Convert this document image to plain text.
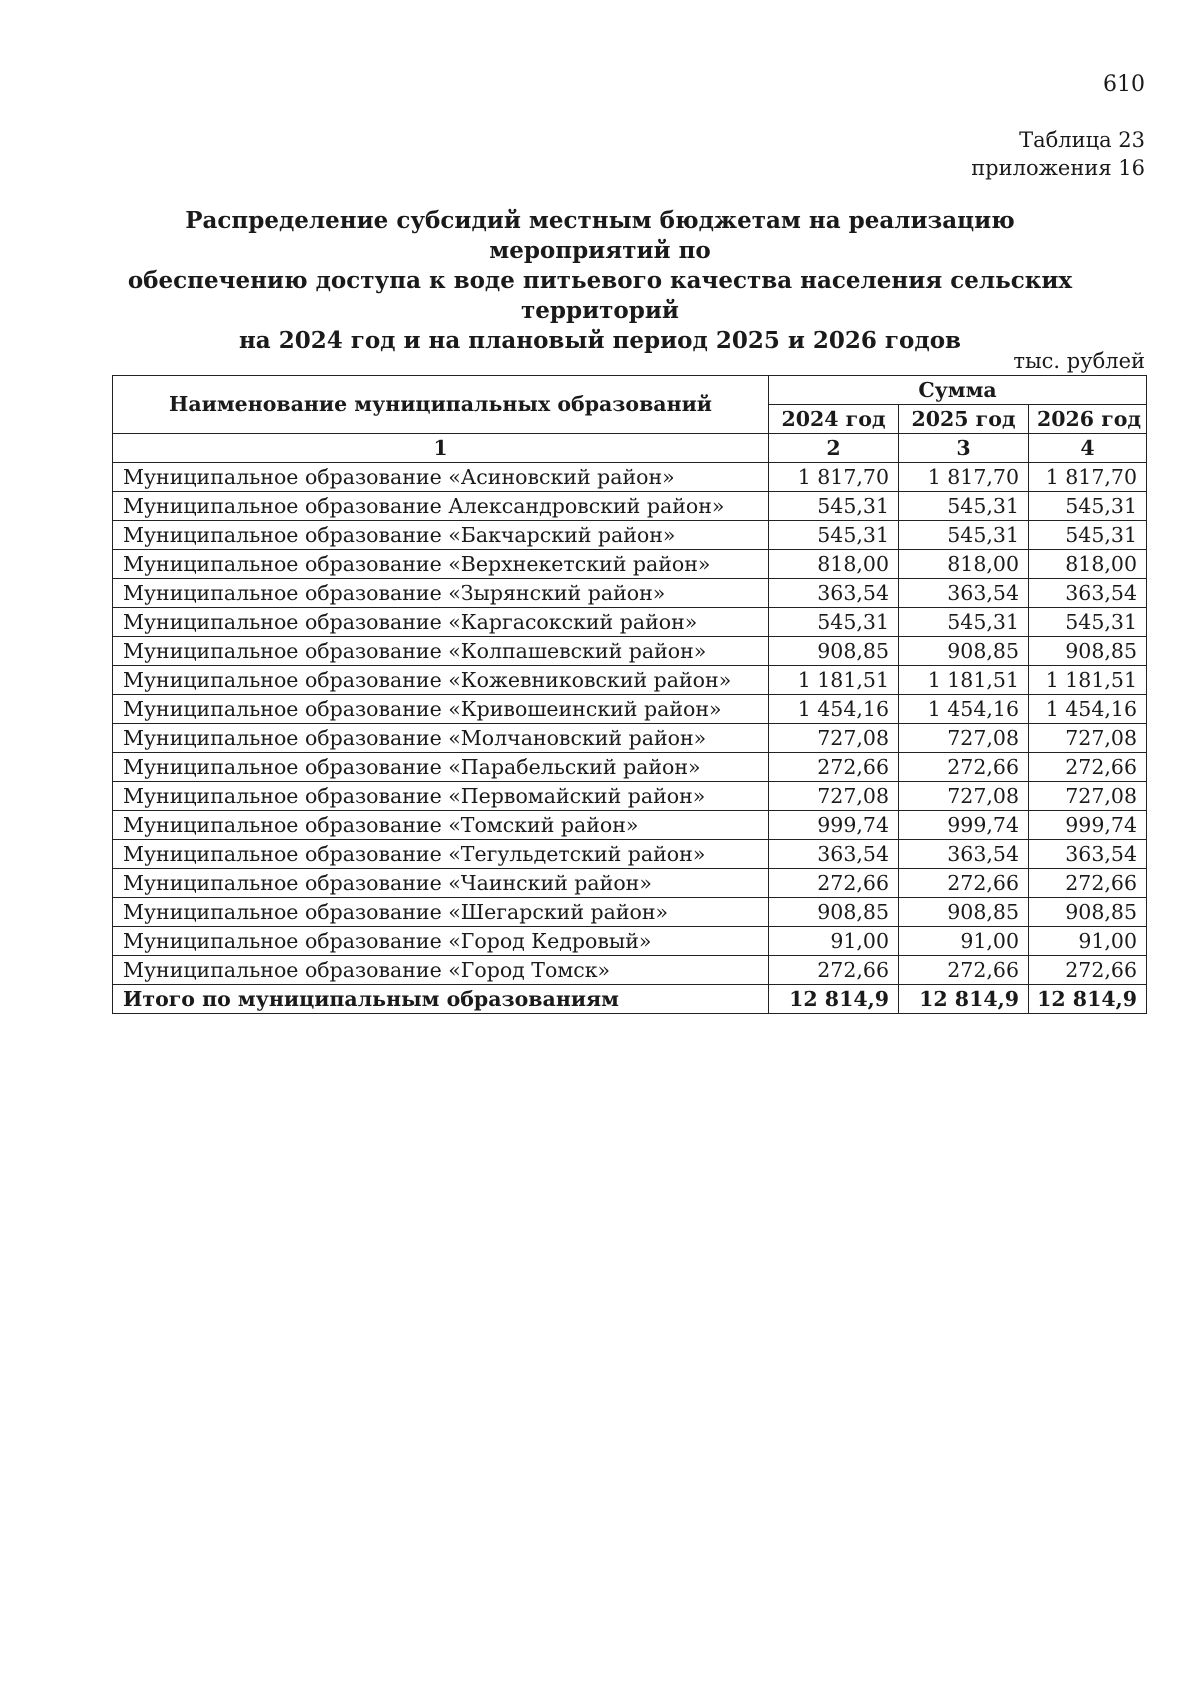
610
Таблица 23
приложения 16
Распределение субсидий местным бюджетам на реализацию мероприятий по
обеспечению доступа к воде питьевого качества населения сельских территорий
на 2024 год и на плановый период 2025 и 2026 годов
тыс. рублей
Наименование муниципальных образований	Сумма		
	2024 год	2025 год	2026 год
1	2	3	4
Муниципальное образование «Асиновский район»	1 817,70	1 817,70	1 817,70
Муниципальное образование Александровский район»	545,31	545,31	545,31
Муниципальное образование «Бакчарский район»	545,31	545,31	545,31
Муниципальное образование «Верхнекетский район»	818,00	818,00	818,00
Муниципальное образование «Зырянский район»	363,54	363,54	363,54
Муниципальное образование «Каргасокский район»	545,31	545,31	545,31
Муниципальное образование «Колпашевский район»	908,85	908,85	908,85
Муниципальное образование «Кожевниковский район»	1 181,51	1 181,51	1 181,51
Муниципальное образование «Кривошеинский район»	1 454,16	1 454,16	1 454,16
Муниципальное образование «Молчановский район»	727,08	727,08	727,08
Муниципальное образование «Парабельский район»	272,66	272,66	272,66
Муниципальное образование «Первомайский район»	727,08	727,08	727,08
Муниципальное образование «Томский район»	999,74	999,74	999,74
Муниципальное образование «Тегульдетский район»	363,54	363,54	363,54
Муниципальное образование «Чаинский район»	272,66	272,66	272,66
Муниципальное образование «Шегарский район»	908,85	908,85	908,85
Муниципальное образование «Город Кедровый»	91,00	91,00	91,00
Муниципальное образование «Город Томск»	272,66	272,66	272,66
Итого по муниципальным образованиям	12 814,9	12 814,9	12 814,9
